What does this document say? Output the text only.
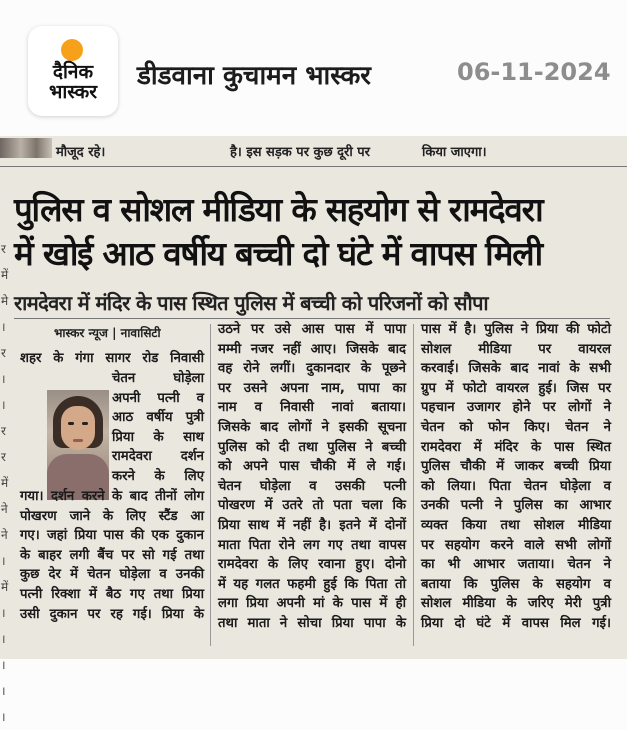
दैनिक
भास्कर
डीडवाना कुचामन भास्कर	06-11-2024
मौजूद रहे।	है। इस सड़क पर कुछ दूरी पर	किया जाएगा।
पुलिस व सोशल मीडिया के सहयोग से रामदेवरा
में खोई आठ वर्षीय बच्ची दो घंटे में वापस मिली
रामदेवरा में मंदिर के पास स्थित पुलिस में बच्ची को परिजनों को सौपा
र
में
मे
।
र
।
।
र
र
में
ने
ने
।
में
।
।
।
।
।
भास्कर न्यूज | नावासिटी
शहर के गंगा सागर रोड निवासी
चेतन घोड़ेला
अपनी पत्नी व
आठ वर्षीय पुत्री
प्रिया के साथ
रामदेवरा दर्शन
करने के लिए
गया। दर्शन करने के बाद तीनों लोग
पोखरण जाने के लिए स्टैंड आ
गए। जहां प्रिया पास की एक दुकान
के बाहर लगी बैंच पर सो गई तथा
कुछ देर में चेतन घोड़ेला व उनकी
पत्नी रिक्शा में बैठ गए तथा प्रिया
उसी दुकान पर रह गई। प्रिया के
उठने पर उसे आस पास में पापा
मम्मी नजर नहीं आए। जिसके बाद
वह रोने लगीं। दुकानदार के पूछने
पर उसने अपना नाम, पापा का
नाम व निवासी नावां बताया।
जिसके बाद लोगों ने इसकी सूचना
पुलिस को दी तथा पुलिस ने बच्ची
को अपने पास चौकी में ले गई।
चेतन घोड़ेला व उसकी पत्नी
पोखरण में उतरे तो पता चला कि
प्रिया साथ में नहीं है। इतने में दोनों
माता पिता रोने लग गए तथा वापस
रामदेवरा के लिए रवाना हुए। दोनो
में यह गलत फहमी हुई कि पिता तो
लगा प्रिया अपनी मां के पास में ही
तथा माता ने सोचा प्रिया पापा के
पास में है। पुलिस ने प्रिया की फोटो
सोशल मीडिया पर वायरल
करवाई। जिसके बाद नावां के सभी
ग्रुप में फोटो वायरल हुई। जिस पर
पहचान उजागर होने पर लोगों ने
चेतन को फोन किए। चेतन ने
रामदेवरा में मंदिर के पास स्थित
पुलिस चौकी में जाकर बच्ची प्रिया
को लिया। पिता चेतन घोड़ेला व
उनकी पत्नी ने पुलिस का आभार
व्यक्त किया तथा सोशल मीडिया
पर सहयोग करने वाले सभी लोगों
का भी आभार जताया। चेतन ने
बताया कि पुलिस के सहयोग व
सोशल मीडिया के जरिए मेरी पुत्री
प्रिया दो घंटे में वापस मिल गई।
